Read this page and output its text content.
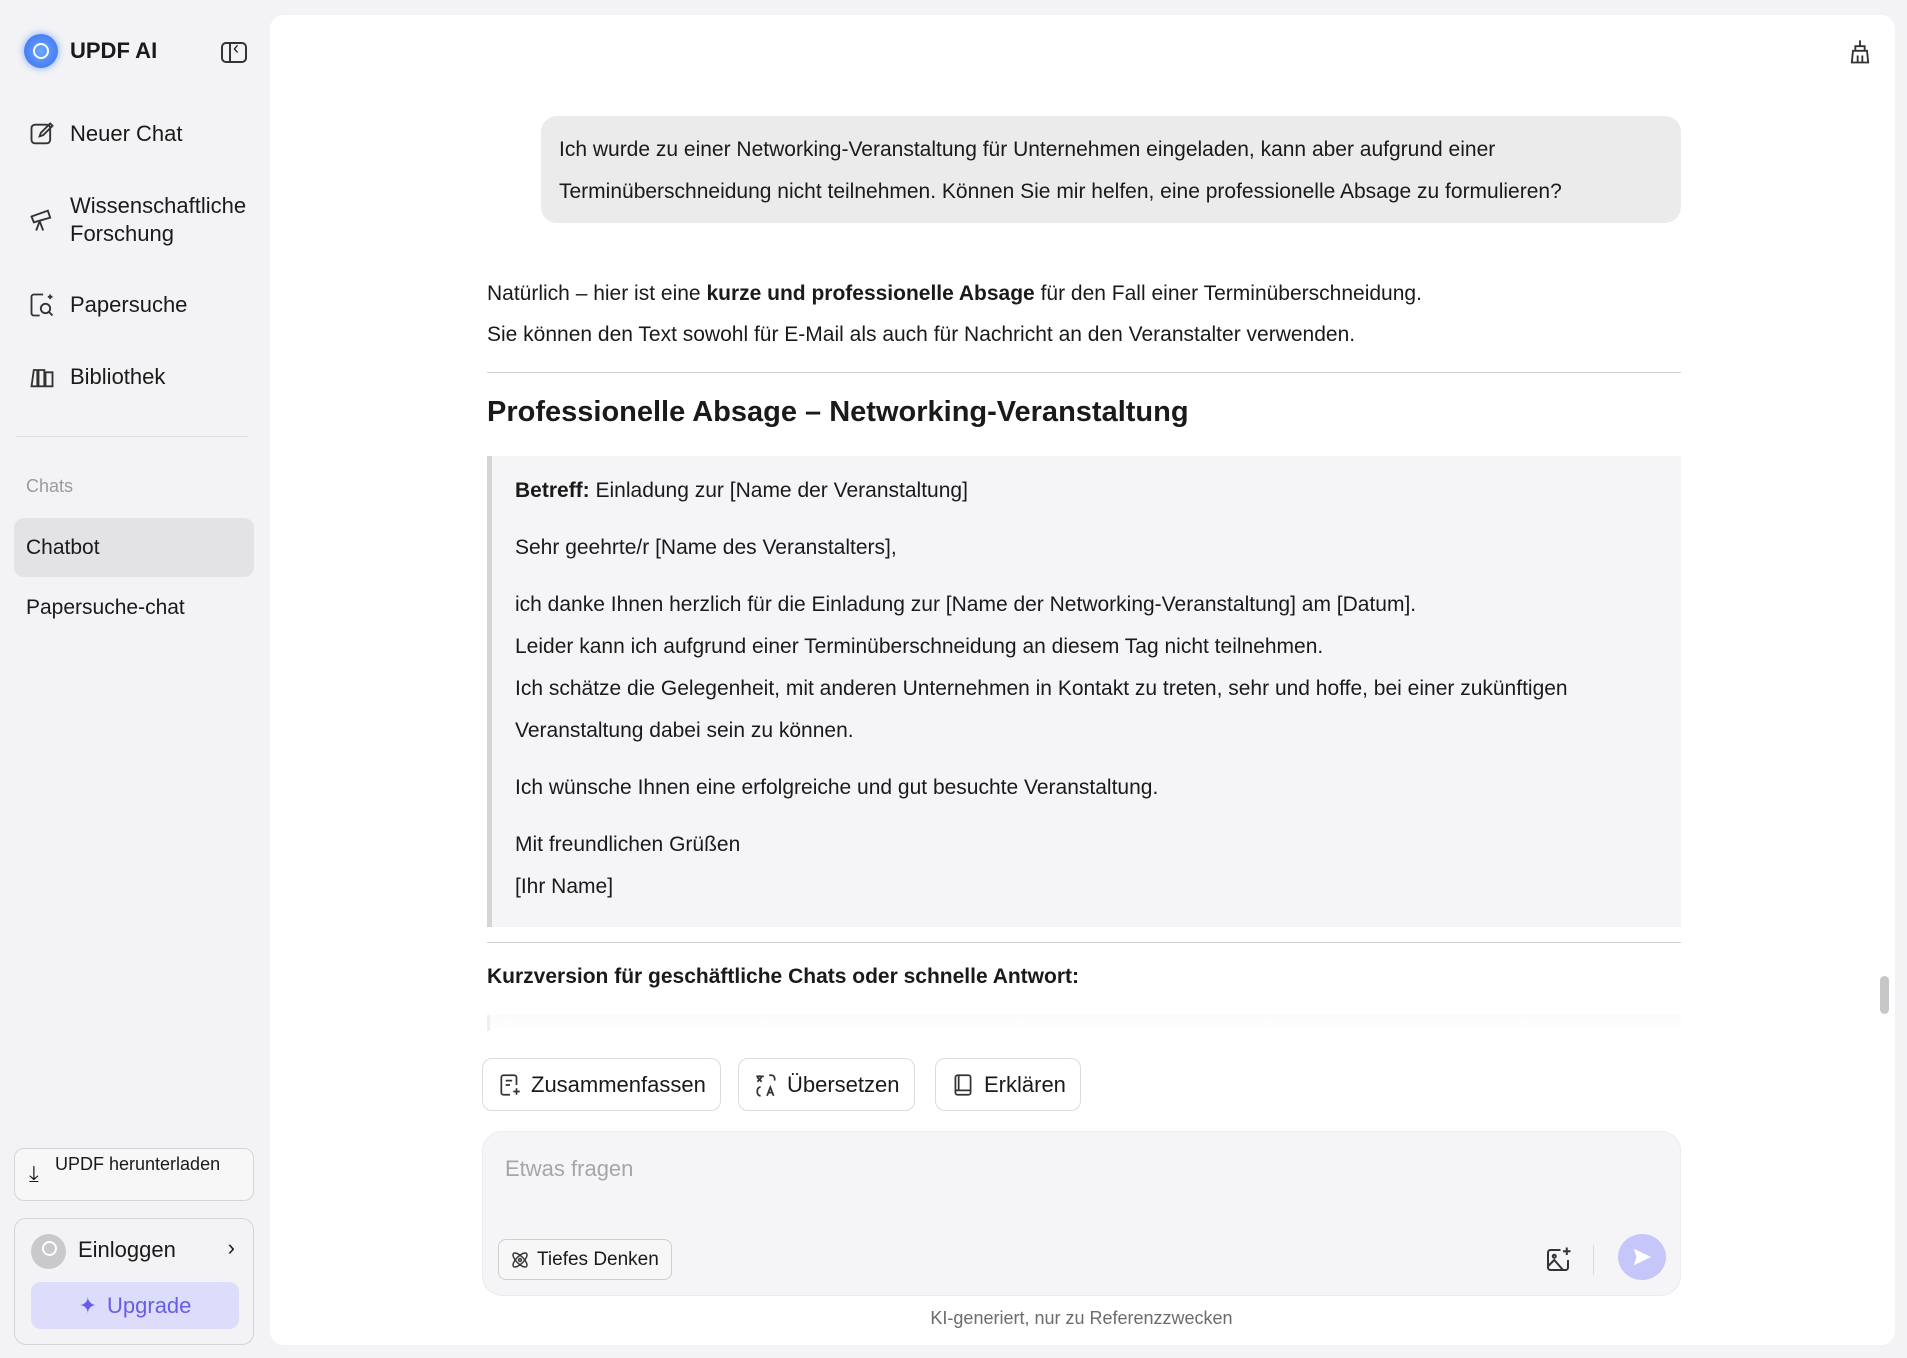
UPDF AI
‹
Neuer Chat
Wissenschaftliche Forschung
Papersuche
Bibliothek
Chats
Chatbot
Papersuche-chat
⤓ UPDF herunterladen
Einloggen ›
✦ Upgrade
Ich wurde zu einer Networking-Veranstaltung für Unternehmen eingeladen, kann aber aufgrund einer Terminüberschneidung nicht teilnehmen. Können Sie mir helfen, eine professionelle Absage zu formulieren?
Natürlich – hier ist eine kurze und professionelle Absage für den Fall einer Terminüberschneidung.
Sie können den Text sowohl für E-Mail als auch für Nachricht an den Veranstalter verwenden.
Professionelle Absage – Networking-Veranstaltung

Betreff: Einladung zur [Name der Veranstaltung]

Sehr geehrte/r [Name des Veranstalters],

ich danke Ihnen herzlich für die Einladung zur [Name der Networking-Veranstaltung] am [Datum].
Leider kann ich aufgrund einer Terminüberschneidung an diesem Tag nicht teilnehmen.
Ich schätze die Gelegenheit, mit anderen Unternehmen in Kontakt zu treten, sehr und hoffe, bei einer zukünftigen Veranstaltung dabei sein zu können.

Ich wünsche Ihnen eine erfolgreiche und gut besuchte Veranstaltung.

Mit freundlichen Grüßen
[Ihr Name]

Kurzversion für geschäftliche Chats oder schnelle Antwort:
Zusammenfassen	Übersetzen	Erklären
Etwas fragen
Tiefes Denken
KI-generiert, nur zu Referenzzwecken
